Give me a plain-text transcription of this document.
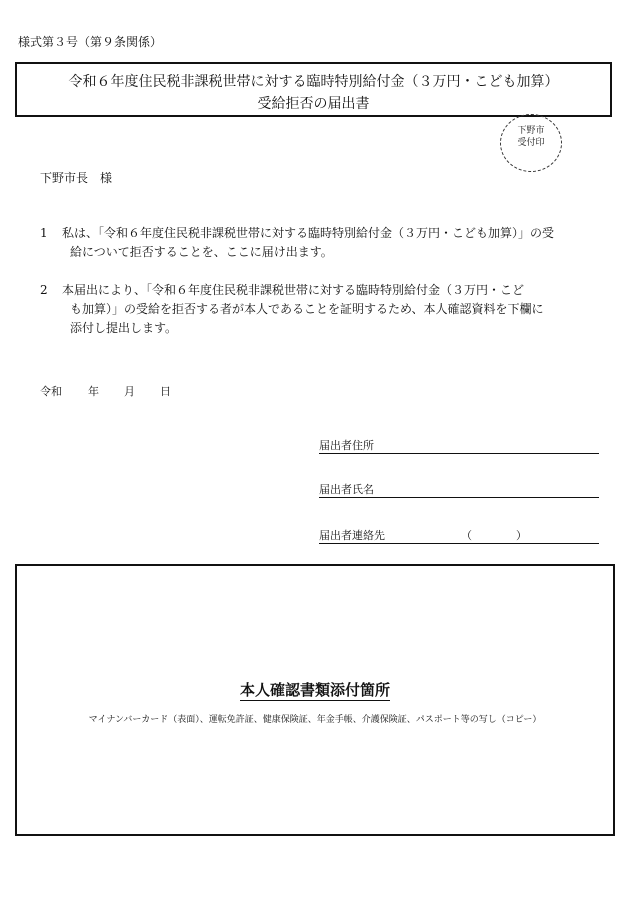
様式第３号（第９条関係）
令和６年度住民税非課税世帯に対する臨時特別給付金（３万円・こども加算）
受給拒否の届出書
下野市
受付印
下野市長　様
1 私は、「令和６年度住民税非課税世帯に対する臨時特別給付金（３万円・こども加算）」の受
給について拒否することを、ここに届け出ます。
2 本届出により、「令和６年度住民税非課税世帯に対する臨時特別給付金（３万円・こど
も加算）」の受給を拒否する者が本人であることを証明するため、本人確認資料を下欄に
添付し提出します。
令和 年 月 日
届出者住所
届出者氏名
届出者連絡先	（　　　　）
本人確認書類添付箇所
マイナンバーカード（表面）、運転免許証、健康保険証、年金手帳、介護保険証、パスポート等の写し（コピー）
